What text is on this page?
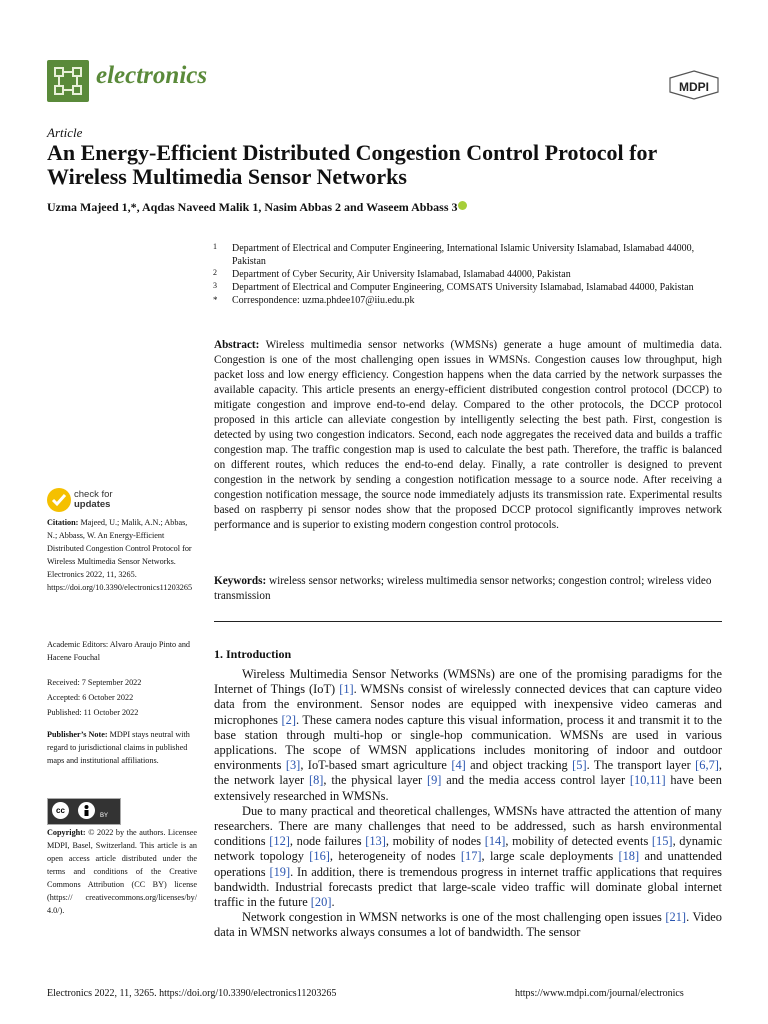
electronics	MDPI
Article
An Energy-Efficient Distributed Congestion Control Protocol for Wireless Multimedia Sensor Networks
Uzma Majeed 1,*, Aqdas Naveed Malik 1, Nasim Abbas 2 and Waseem Abbass 3
1 Department of Electrical and Computer Engineering, International Islamic University Islamabad, Islamabad 44000, Pakistan
2 Department of Cyber Security, Air University Islamabad, Islamabad 44000, Pakistan
3 Department of Electrical and Computer Engineering, COMSATS University Islamabad, Islamabad 44000, Pakistan
* Correspondence: uzma.phdee107@iiu.edu.pk
Abstract: Wireless multimedia sensor networks (WMSNs) generate a huge amount of multimedia data. Congestion is one of the most challenging open issues in WMSNs. Congestion causes low throughput, high packet loss and low energy efficiency. Congestion happens when the data carried by the network surpasses the available capacity. This article presents an energy-efficient distributed congestion control protocol (DCCP) to mitigate congestion and improve end-to-end delay. Compared to the other protocols, the DCCP protocol proposed in this article can alleviate congestion by intelligently selecting the best path. First, congestion is detected by using two congestion indicators. Second, each node aggregates the received data and builds a traffic congestion map. The traffic congestion map is used to calculate the best path. Therefore, the traffic is balanced on different routes, which reduces the end-to-end delay. Finally, a rate controller is designed to prevent congestion in the network by sending a congestion notification message to a source node. After receiving a congestion notification message, the source node immediately adjusts its transmission rate. Experimental results based on raspberry pi sensor nodes show that the proposed DCCP protocol significantly improves network performance and is superior to existing modern congestion control protocols.
Keywords: wireless sensor networks; wireless multimedia sensor networks; congestion control; wireless video transmission
1. Introduction

Wireless Multimedia Sensor Networks (WMSNs) are one of the promising paradigms for the Internet of Things (IoT) [1]. WMSNs consist of wirelessly connected devices that can capture video data from the environment. Sensor nodes are equipped with inexpensive video cameras and microphones [2]. These camera nodes capture this visual information, process it and transmit it to the base station through multi-hop or single-hop communication. WMSNs are used in various applications. The scope of WMSN applications includes monitoring of indoor and outdoor environments [3], IoT-based smart agriculture [4] and object tracking [5]. The transport layer [6,7], the network layer [8], the physical layer [9] and the media access control layer [10,11] have been extensively researched in WMSNs.

Due to many practical and theoretical challenges, WMSNs have attracted the attention of many researchers. There are many challenges that need to be addressed, such as harsh environmental conditions [12], node failures [13], mobility of nodes [14], mobility of detected events [15], dynamic network topology [16], heterogeneity of nodes [17], large scale deployments [18] and unattended operations [19]. In addition, there is tremendous progress in internet traffic applications that requires bandwidth. Industrial forecasts predict that large-scale video traffic will dominate global internet traffic in the future [20].

Network congestion in WMSN networks is one of the most challenging open issues [21]. Video data in WMSN networks always consumes a lot of bandwidth. The sensor

check for
updates
Citation: Majeed, U.; Malik, A.N.; Abbas, N.; Abbass, W. An Energy-Efficient Distributed Congestion Control Protocol for Wireless Multimedia Sensor Networks. Electronics 2022, 11, 3265. https://doi.org/10.3390/electronics11203265
Academic Editors: Alvaro Araujo Pinto and Hacene Fouchal
Received: 7 September 2022
Accepted: 6 October 2022
Published: 11 October 2022
Publisher’s Note: MDPI stays neutral with regard to jurisdictional claims in published maps and institutional affiliations.
cc
BY
Copyright: © 2022 by the authors. Licensee MDPI, Basel, Switzerland. This article is an open access article distributed under the terms and conditions of the Creative Commons Attribution (CC BY) license (https:// creativecommons.org/licenses/by/ 4.0/).
Electronics 2022, 11, 3265. https://doi.org/10.3390/electronics11203265	https://www.mdpi.com/journal/electronics
